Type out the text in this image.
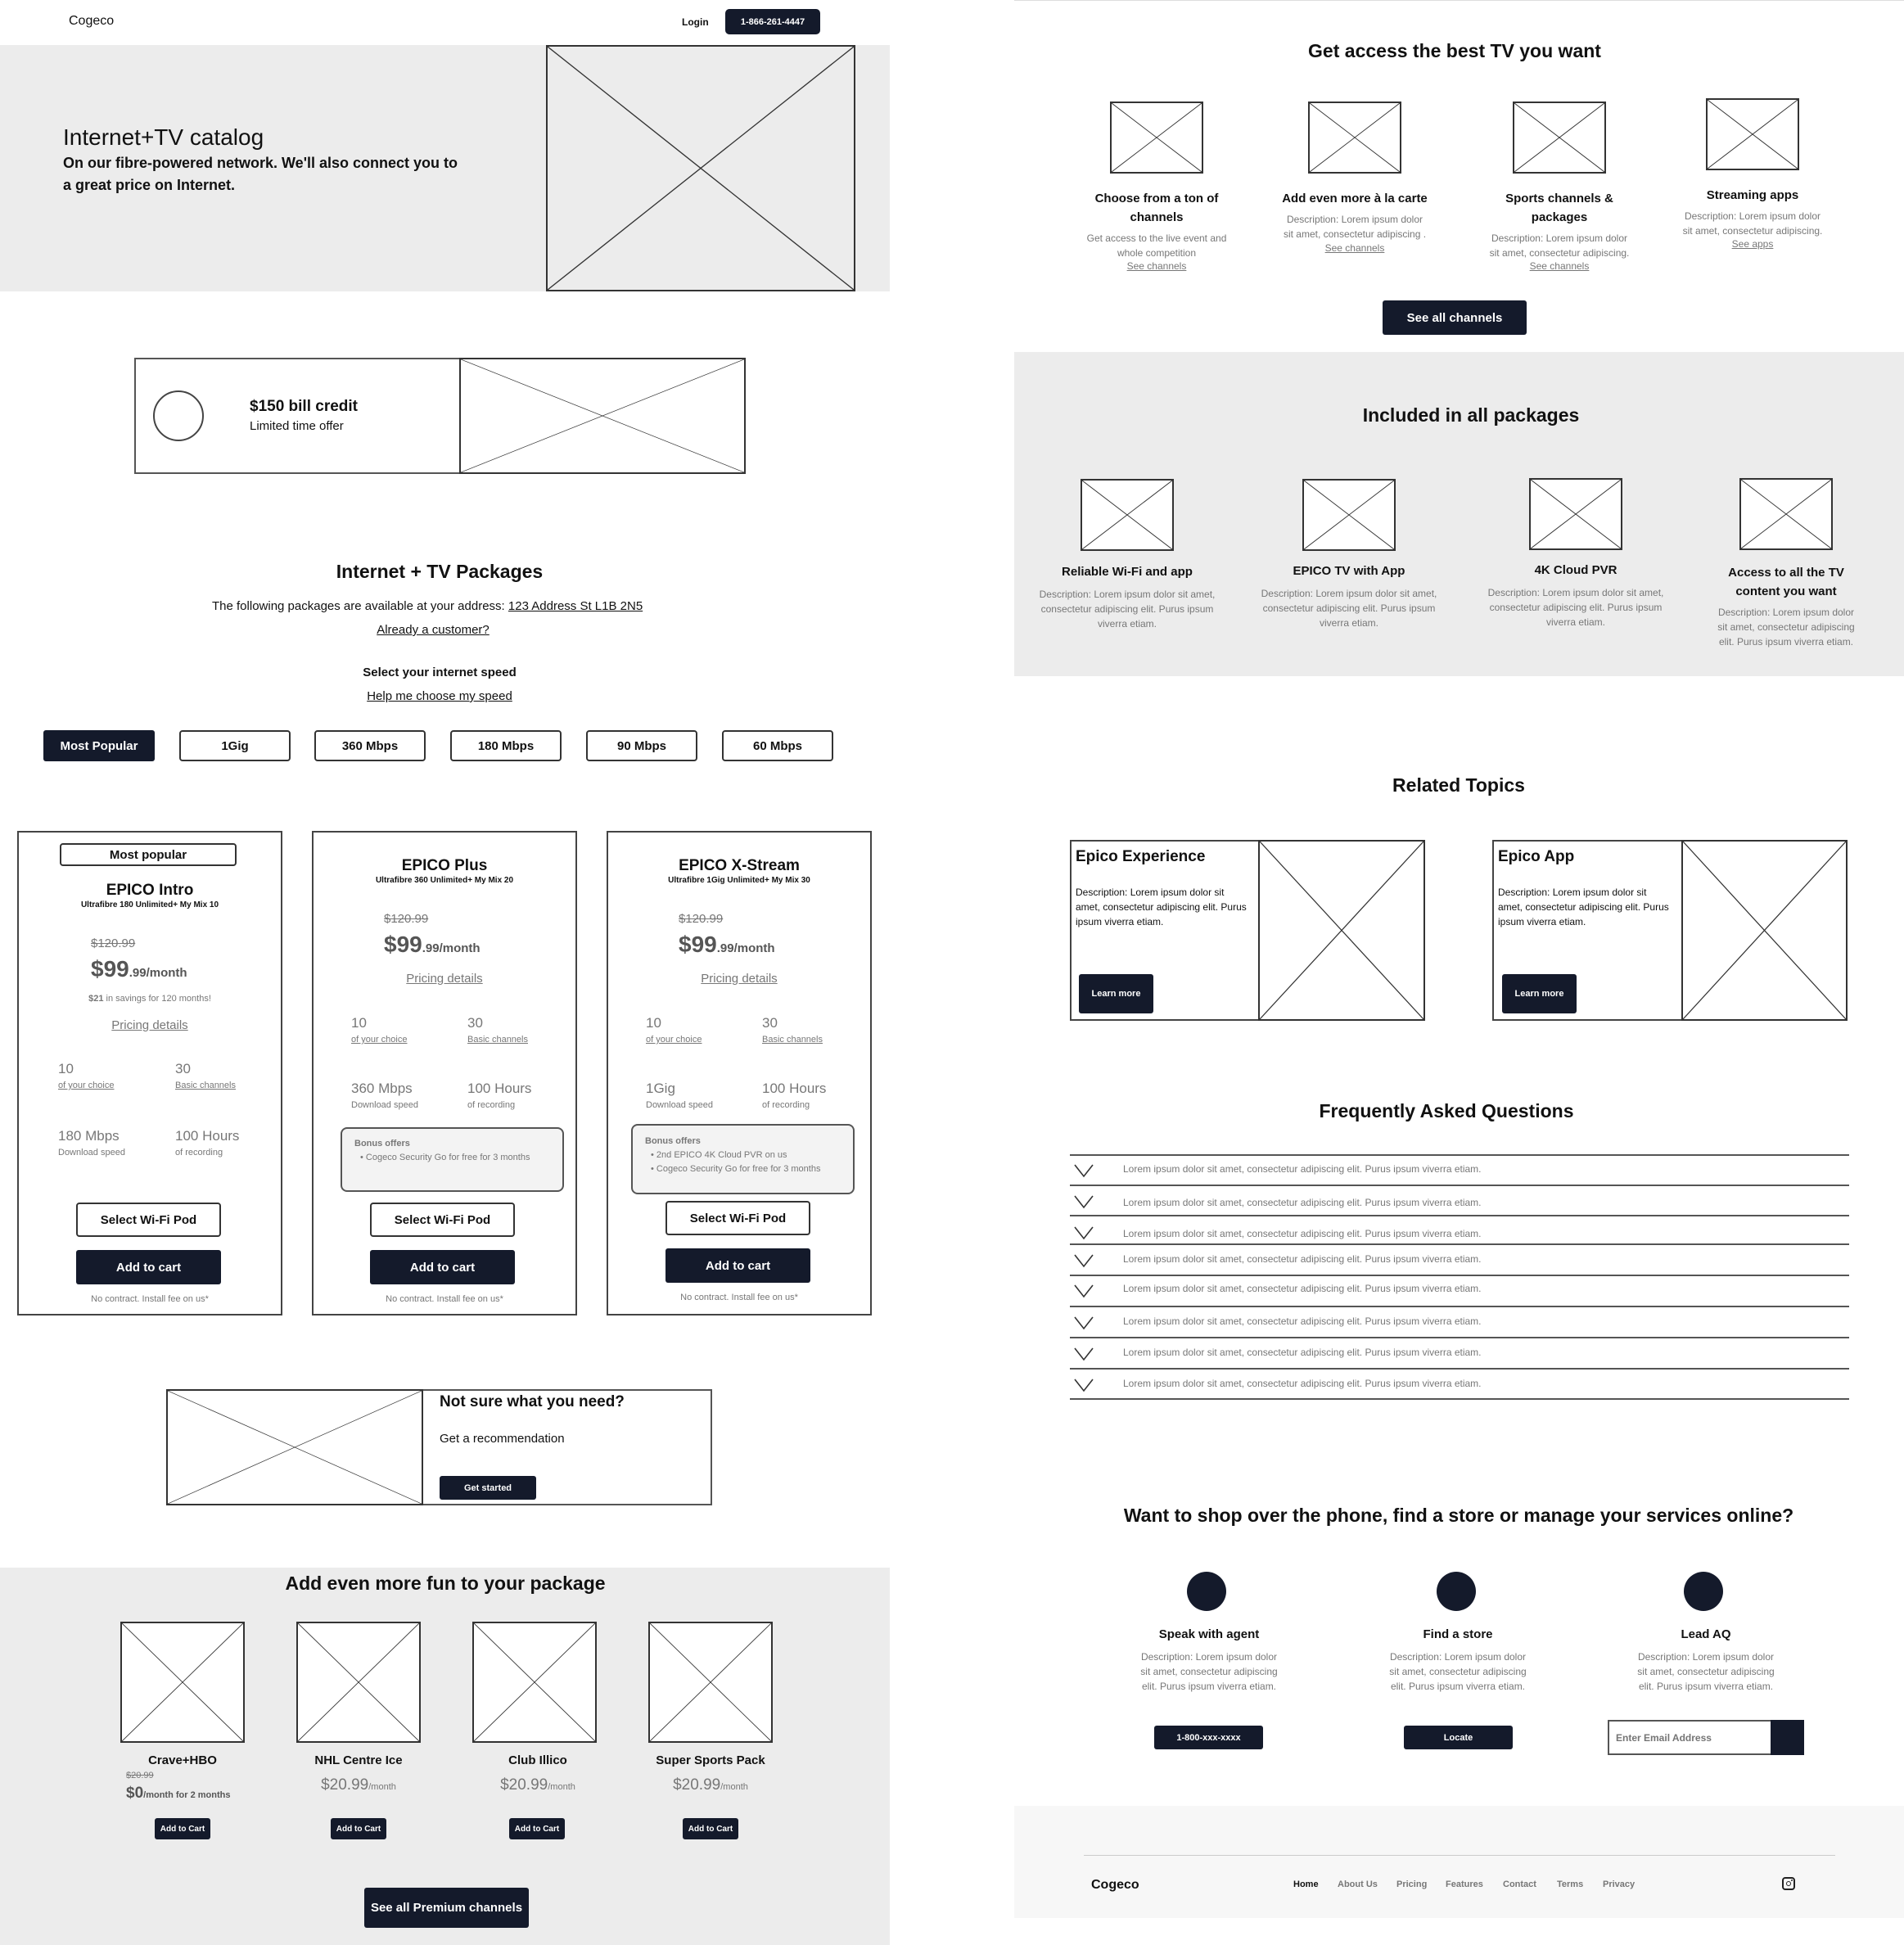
Cogeco	Login	1-866-261-4447
Internet+TV catalog
On our fibre-powered network. We'll also connect you to
a great price on Internet.
$150 bill credit
Limited time offer
Internet + TV Packages
The following packages are available at your address: 123 Address St L1B 2N5
Already a customer?
Select your internet speed
Help me choose my speed
Most Popular	1Gig	360 Mbps	180 Mbps	90 Mbps	60 Mbps
Most popular
EPICO Intro
Ultrafibre 180 Unlimited+ My Mix 10
$120.99
$99.99/month
$21 in savings for 120 months!
Pricing details
10
of your choice
30
Basic channels
180 Mbps
Download speed
100 Hours
of recording
Select Wi-Fi Pod
Add to cart
No contract. Install fee on us*
EPICO Plus
Ultrafibre 360 Unlimited+ My Mix 20
$120.99
$99.99/month
Pricing details
10
of your choice
30
Basic channels
360 Mbps
Download speed
100 Hours
of recording
Bonus offers
• Cogeco Security Go for free for 3 months
Select Wi-Fi Pod
Add to cart
No contract. Install fee on us*
EPICO X-Stream
Ultrafibre 1Gig Unlimited+ My Mix 30
$120.99
$99.99/month
Pricing details
10
of your choice
30
Basic channels
1Gig
Download speed
100 Hours
of recording
Bonus offers
• 2nd EPICO 4K Cloud PVR on us
• Cogeco Security Go for free for 3 months
Select Wi-Fi Pod
Add to cart
No contract. Install fee on us*
Not sure what you need?
Get a recommendation
Get started
Add even more fun to your package
Crave+HBO
$20.99
$0/month for 2 months
Add to Cart
NHL Centre Ice
$20.99/month
Add to Cart
Club Illico
$20.99/month
Add to Cart
Super Sports Pack
$20.99/month
Add to Cart
See all Premium channels
Get access the best TV you want
Choose from a ton of
channels
Get access to the live event and
whole competition
See channels
Add even more à la carte
Description: Lorem ipsum dolor
sit amet, consectetur adipiscing .
See channels
Sports channels &
packages
Description: Lorem ipsum dolor
sit amet, consectetur adipiscing.
See channels
Streaming apps
Description: Lorem ipsum dolor
sit amet, consectetur adipiscing.
See apps
See all channels
Included in all packages
Reliable Wi-Fi and app
Description: Lorem ipsum dolor sit amet,
consectetur adipiscing elit. Purus ipsum
viverra etiam.
EPICO TV with App
Description: Lorem ipsum dolor sit amet,
consectetur adipiscing elit. Purus ipsum
viverra etiam.
4K Cloud PVR
Description: Lorem ipsum dolor sit amet,
consectetur adipiscing elit. Purus ipsum
viverra etiam.
Access to all the TV
content you want
Description: Lorem ipsum dolor
sit amet, consectetur adipiscing
elit. Purus ipsum viverra etiam.
Related Topics
Epico Experience
Description: Lorem ipsum dolor sit
amet, consectetur adipiscing elit. Purus
ipsum viverra etiam.
Learn more
Epico App
Description: Lorem ipsum dolor sit
amet, consectetur adipiscing elit. Purus
ipsum viverra etiam.
Learn more
Frequently Asked Questions
Lorem ipsum dolor sit amet, consectetur adipiscing elit. Purus ipsum viverra etiam.
Lorem ipsum dolor sit amet, consectetur adipiscing elit. Purus ipsum viverra etiam.
Lorem ipsum dolor sit amet, consectetur adipiscing elit. Purus ipsum viverra etiam.
Lorem ipsum dolor sit amet, consectetur adipiscing elit. Purus ipsum viverra etiam.
Lorem ipsum dolor sit amet, consectetur adipiscing elit. Purus ipsum viverra etiam.
Lorem ipsum dolor sit amet, consectetur adipiscing elit. Purus ipsum viverra etiam.
Lorem ipsum dolor sit amet, consectetur adipiscing elit. Purus ipsum viverra etiam.
Lorem ipsum dolor sit amet, consectetur adipiscing elit. Purus ipsum viverra etiam.
Want to shop over the phone, find a store or manage your services online?
Speak with agent
Description: Lorem ipsum dolor
sit amet, consectetur adipiscing
elit. Purus ipsum viverra etiam.
1-800-xxx-xxxx
Find a store
Description: Lorem ipsum dolor
sit amet, consectetur adipiscing
elit. Purus ipsum viverra etiam.
Locate
Lead AQ
Description: Lorem ipsum dolor
sit amet, consectetur adipiscing
elit. Purus ipsum viverra etiam.
Enter Email Address
Cogeco	Home About Us Pricing Features Contact Terms Privacy
